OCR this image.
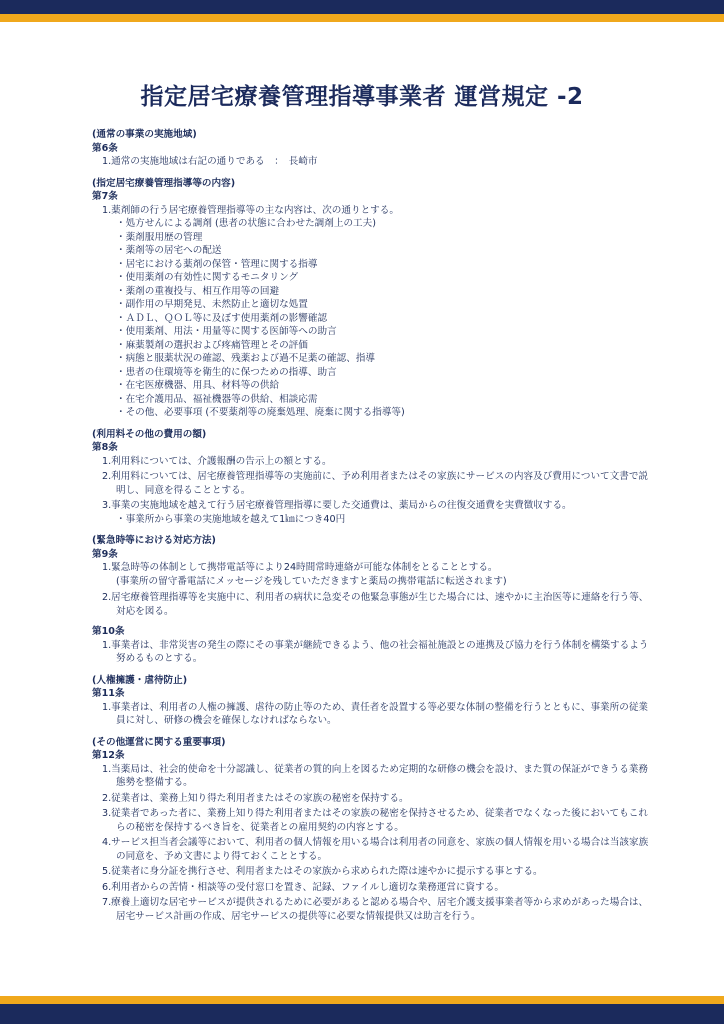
指定居宅療養管理指導事業者 運営規定 -2
(通常の事業の実施地域)
第6条
1.通常の実施地域は右記の通りである　：　長崎市
(指定居宅療養管理指導等の内容)
第7条
1.薬剤師の行う居宅療養管理指導等の主な内容は、次の通りとする。
・処方せんによる調剤 (患者の状態に合わせた調剤上の工夫)
・薬剤服用歴の管理
・薬剤等の居宅への配送
・居宅における薬剤の保管・管理に関する指導
・使用薬剤の有効性に関するモニタリング
・薬剤の重複投与、相互作用等の回避
・副作用の早期発見、未然防止と適切な処置
・ＡＤＬ、ＱＯＬ等に及ぼす使用薬剤の影響確認
・使用薬剤、用法・用量等に関する医師等への助言
・麻薬製剤の選択および疼痛管理とその評価
・病態と服薬状況の確認、残薬および過不足薬の確認、指導
・患者の住環境等を衛生的に保つための指導、助言
・在宅医療機器、用具、材料等の供給
・在宅介護用品、福祉機器等の供給、相談応需
・その他、必要事項 (不要薬剤等の廃棄処理、廃棄に関する指導等)
(利用料その他の費用の額)
第8条
1.利用料については、介護報酬の告示上の額とする。
2.利用料については、居宅療養管理指導等の実施前に、予め利用者またはその家族にサービスの内容及び費用について文書で説明し、同意を得ることとする。
3.事業の実施地域を越えて行う居宅療養管理指導に要した交通費は、薬局からの往復交通費を実費徴収する。
・事業所から事業の実施地域を越えて1㎞につき40円
(緊急時等における対応方法)
第9条
1.緊急時等の体制として携帯電話等により24時間常時連絡が可能な体制をとることとする。
(事業所の留守番電話にメッセージを残していただきますと薬局の携帯電話に転送されます)
2.居宅療養管理指導等を実施中に、利用者の病状に急変その他緊急事態が生じた場合には、速やかに主治医等に連絡を行う等、対応を図る。
第10条
1.事業者は、非常災害の発生の際にその事業が継続できるよう、他の社会福祉施設との連携及び協力を行う体制を構築するよう努めるものとする。
(人権擁護・虐待防止)
第11条
1.事業者は、利用者の人権の擁護、虐待の防止等のため、責任者を設置する等必要な体制の整備を行うとともに、事業所の従業員に対し、研修の機会を確保しなければならない。
(その他運営に関する重要事項)
第12条
1.当薬局は、社会的使命を十分認識し、従業者の質的向上を図るため定期的な研修の機会を設け、また質の保証ができうる業務態勢を整備する。
2.従業者は、業務上知り得た利用者またはその家族の秘密を保持する。
3.従業者であった者に、業務上知り得た利用者またはその家族の秘密を保持させるため、従業者でなくなった後においてもこれらの秘密を保持するべき旨を、従業者との雇用契約の内容とする。
4.サービス担当者会議等において、利用者の個人情報を用いる場合は利用者の同意を、家族の個人情報を用いる場合は当該家族の同意を、予め文書により得ておくこととする。
5.従業者に身分証を携行させ、利用者またはその家族から求められた際は速やかに提示する事とする。
6.利用者からの苦情・相談等の受付窓口を置き、記録、ファイルし適切な業務運営に資する。
7.療養上適切な居宅サービスが提供されるために必要があると認める場合や、居宅介護支援事業者等から求めがあった場合は、居宅サービス計画の作成、居宅サービスの提供等に必要な情報提供又は助言を行う。
